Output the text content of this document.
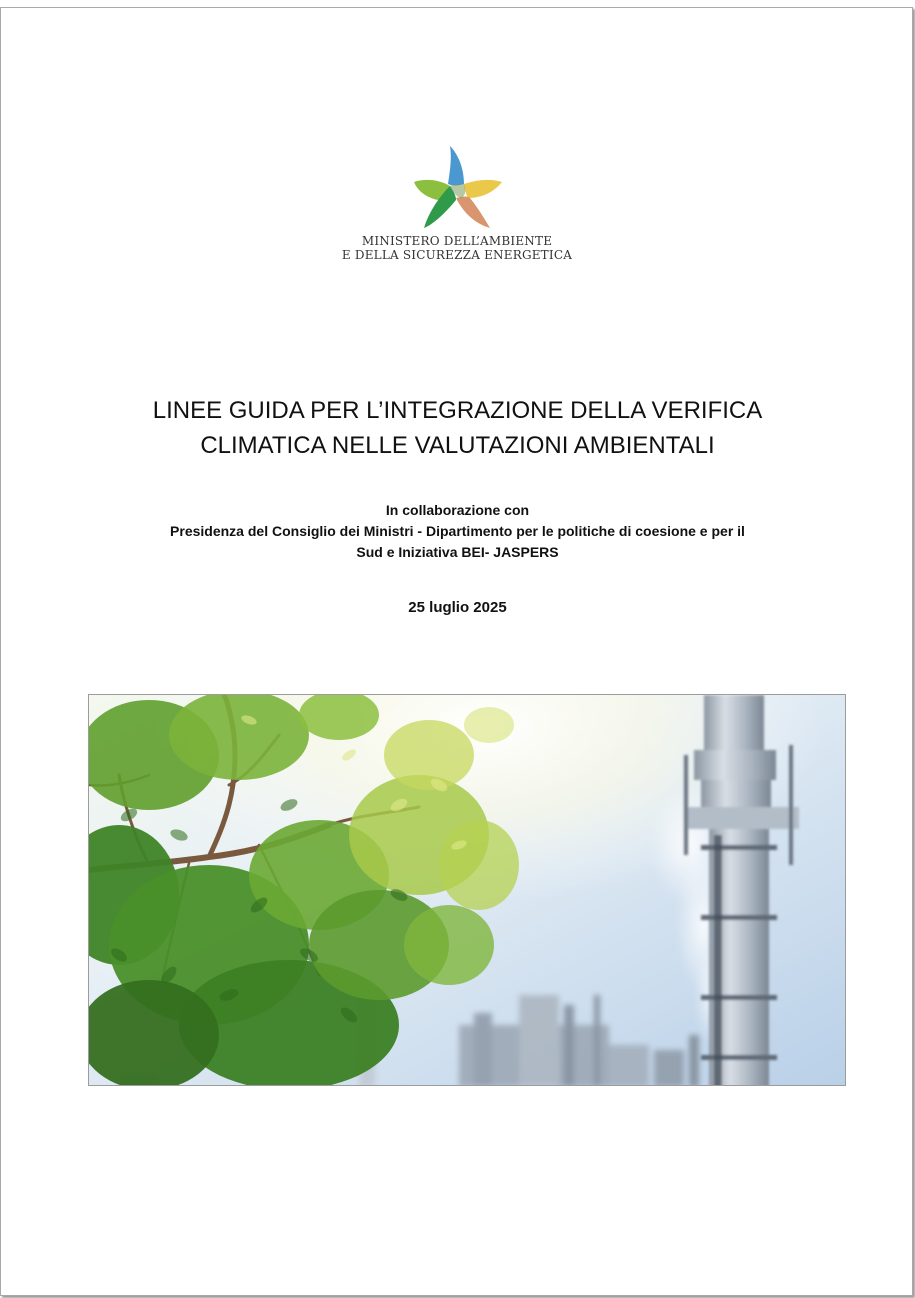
MINISTERO DELL’AMBIENTE
E DELLA SICUREZZA ENERGETICA
LINEE GUIDA PER L’INTEGRAZIONE DELLA VERIFICA
CLIMATICA NELLE VALUTAZIONI AMBIENTALI
In collaborazione con
Presidenza del Consiglio dei Ministri - Dipartimento per le politiche di coesione e per il
Sud e Iniziativa BEI- JASPERS
25 luglio 2025
